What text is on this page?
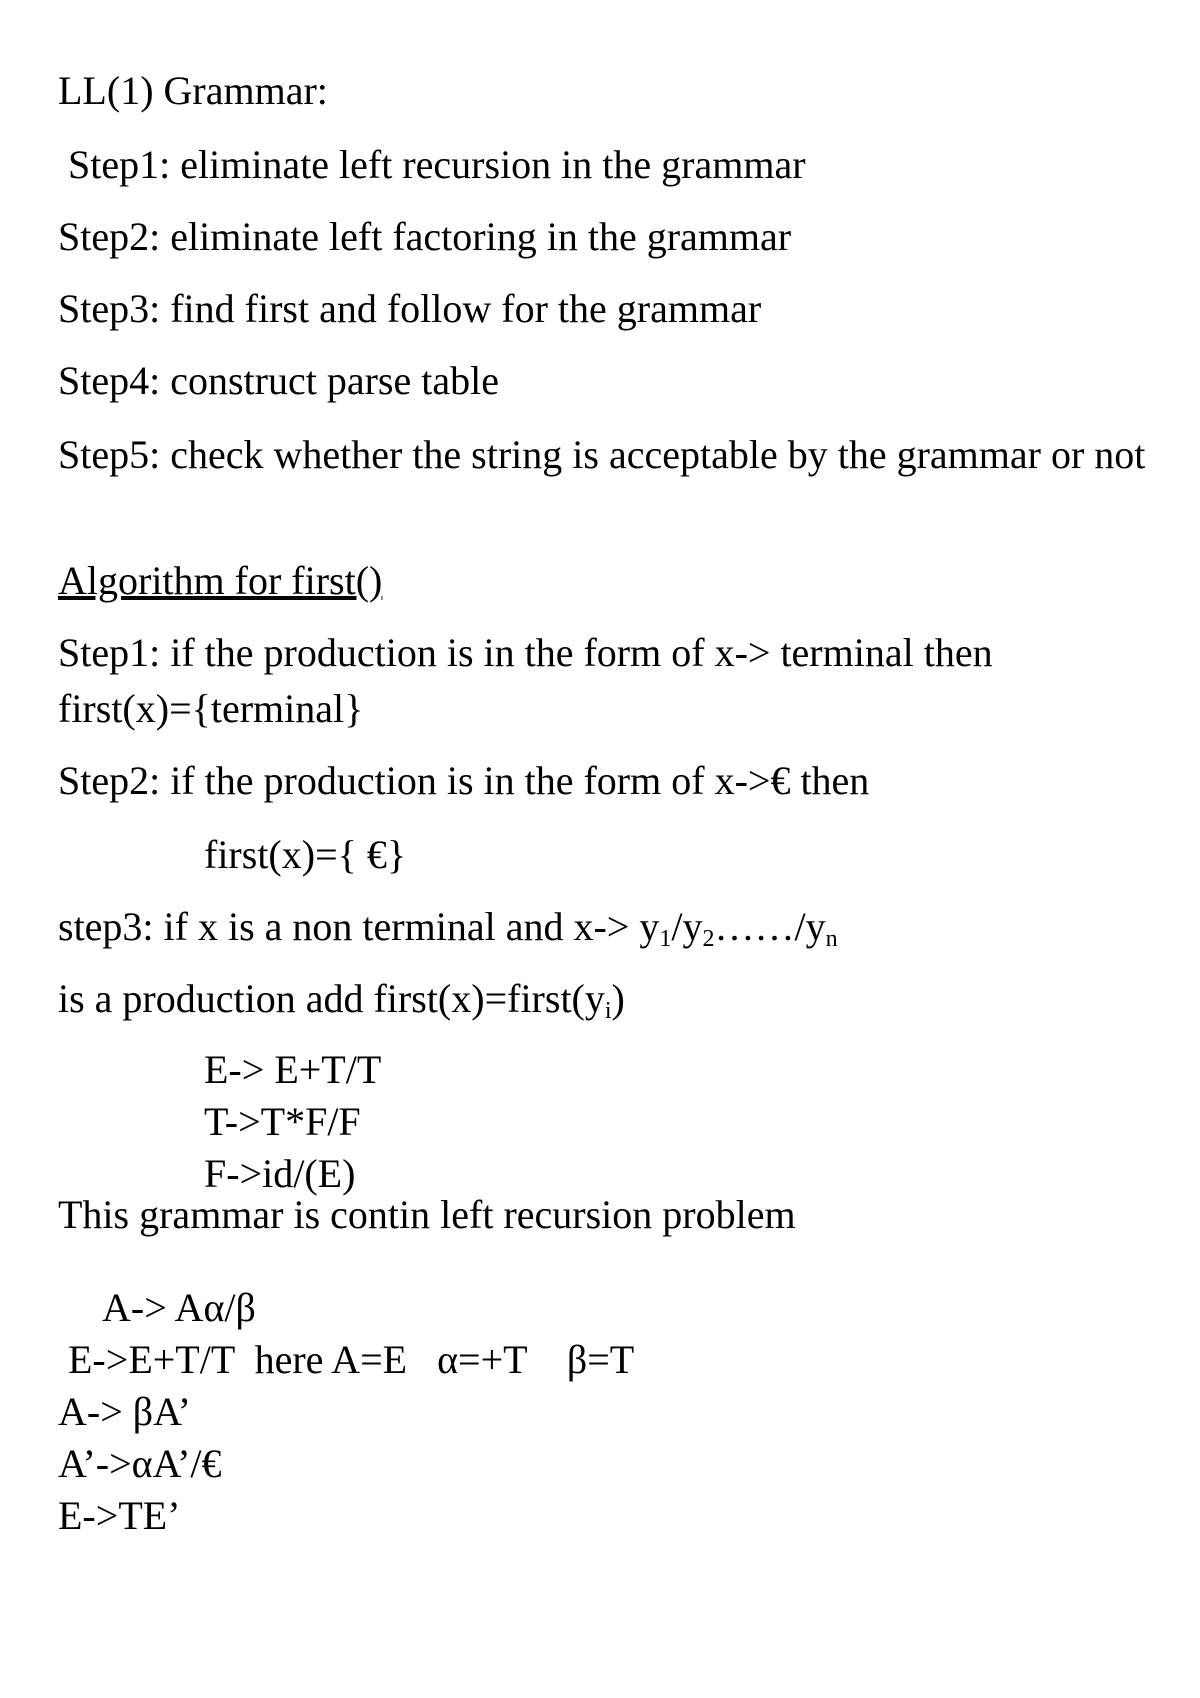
LL(1) Grammar:

Step1: eliminate left recursion in the grammar

Step2: eliminate left factoring in the grammar

Step3: find first and follow for the grammar

Step4: construct parse table

Step5: check whether the string is acceptable by the grammar or not

Algorithm for first()

Step1: if the production is in the form of x-> terminal then

first(x)={terminal}

Step2: if the production is in the form of x->€ then

first(x)={ €}

step3: if x is a non terminal and $x-> y_1/y_2\dots\dots/y_n$

is a production add $first(x)=first(y_i)$

E-> E+T/T

T->T*F/F

F->id/(E)

This grammar is contin left recursion problem

A-> Aα/β

E->E+T/T  here A=E   α=+T    β=T

A-> βA’

A’->αA’/€

E->TE’
